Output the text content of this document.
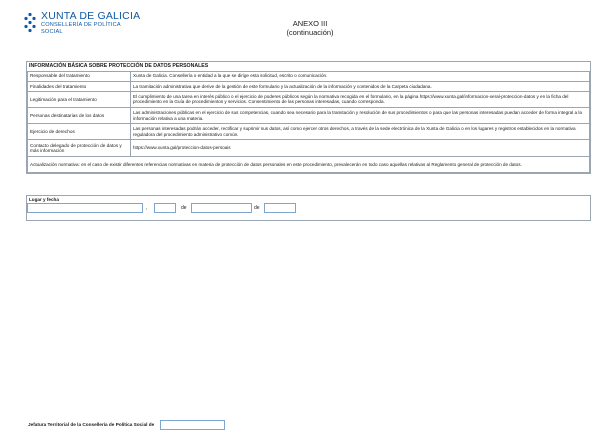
XUNTA DE GALICIA
CONSELLERÍA DE POLÍTICA
SOCIAL
ANEXO III
(continuación)
INFORMACIÓN BÁSICA SOBRE PROTECCIÓN DE DATOS PERSONALES
Responsable del tratamiento	Xunta de Galicia. Consellería o entidad a la que se dirige esta solicitud, escrito o comunicación.
Finalidades del tratamiento	La tramitación administrativa que derive de la gestión de este formulario y la actualización de la información y contenidos de la Carpeta ciudadana.
Legitimación para el tratamiento	El cumplimiento de una tarea en interés público o el ejercicio de poderes públicos según la normativa recogida en el formulario, en la página https://www.xunta.gal/informacion-xeral-proteccion-datos y en la ficha del procedimiento en la Guía de procedimientos y servicios. Consentimiento de las personas interesadas, cuando corresponda.
Personas destinatarias de los datos	Las administraciones públicas en el ejercicio de sus competencias, cuando sea necesario para la tramitación y resolución de sus procedimientos o para que las personas interesadas puedan acceder de forma integral a la información relativa a una materia.
Ejercicio de derechos	Las personas interesadas podrán acceder, rectificar y suprimir sus datos, así como ejercer otros derechos, a través de la sede electrónica de la Xunta de Galicia o en los lugares y registros establecidos en la normativa reguladora del procedimiento administrativo común.
Contacto delegado de protección de datos y más información	https://www.xunta.gal/proteccion-datos-persoais
Actualización normativa: en el caso de existir diferentes referencias normativas en materia de protección de datos personales en este procedimiento, prevalecerán en todo caso aquellas relativas al Reglamento general de protección de datos.	
Lugar y fecha
,	de	de
Jefatura Territorial de la Consellería de Política Social de
